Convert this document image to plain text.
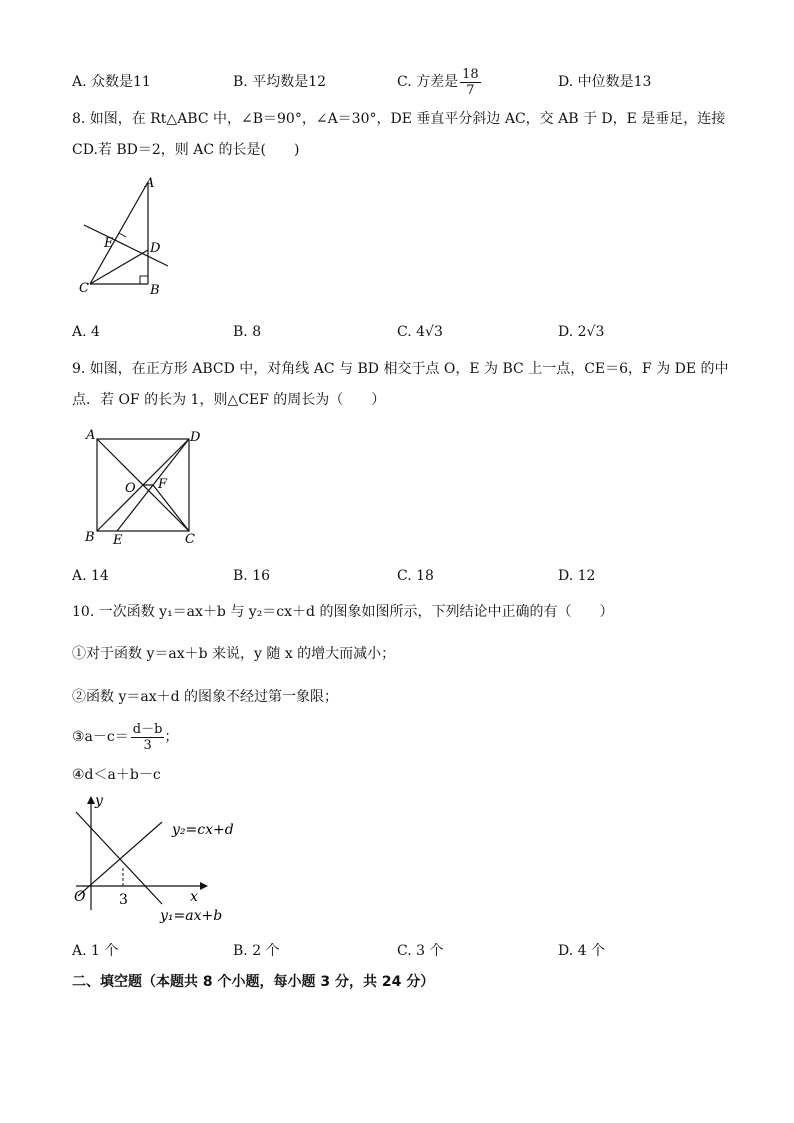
A. 众数是11	B. 平均数是12	C. 方差是 $\frac{18}{7}$	D. 中位数是13
8. 如图，在 Rt△ABC 中，∠B＝90°，∠A＝30°，DE 垂直平分斜边 AC，交 AB 于 D，E 是垂足，连接
CD.若 BD＝2，则 AC 的长是(　　)
A
E	D
C	B
A. 4	B. 8	C. 4√3	D. 2√3
9. 如图，在正方形 ABCD 中，对角线 AC 与 BD 相交于点 O，E 为 BC 上一点，CE＝6，F 为 DE 的中
点．若 OF 的长为 1，则△CEF 的周长为（　　）
A	D
O F
B E	C
A. 14	B. 16	C. 18	D. 12
10. 一次函数 y₁＝ax＋b 与 y₂＝cx＋d 的图象如图所示，下列结论中正确的有（　　）
①对于函数 y＝ax＋b 来说，y 随 x 的增大而减小；
②函数 y＝ax＋d 的图象不经过第一象限；
③a－c＝ $\frac{d-b}{3}$ ；
④d＜a＋b－c
y
x
O 3
y₂=cx+d
y₁=ax+b
A. 1 个	B. 2 个	C. 3 个	D. 4 个
二、填空题（本题共 8 个小题，每小题 3 分，共 24 分）
